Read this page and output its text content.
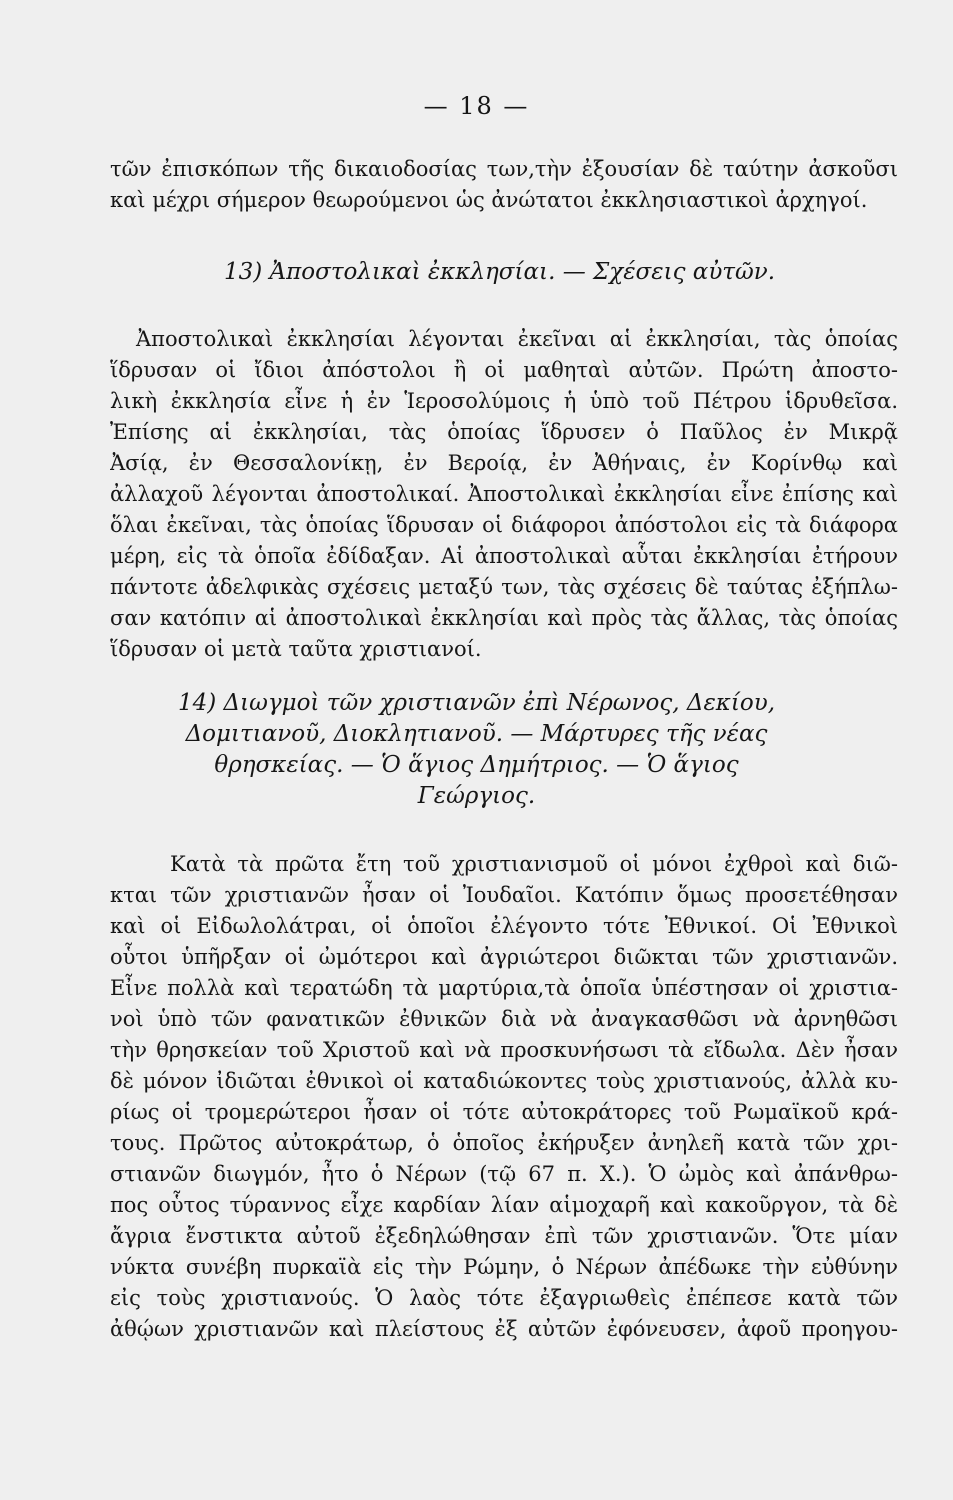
— 18 —
τῶν ἐπισκόπων τῆς δικαιοδοσίας των,τὴν ἐξουσίαν δὲ ταύτην ἀσκοῦσι
καὶ μέχρι σήμερον θεωρούμενοι ὡς ἀνώτατοι ἐκκλησιαστικοὶ ἀρχηγοί.
13) Ἀποστολικαὶ ἐκκλησίαι. — Σχέσεις αὐτῶν.
Ἀποστολικαὶ ἐκκλησίαι λέγονται ἐκεῖναι αἱ ἐκκλησίαι, τὰς ὁποίας
ἵδρυσαν οἱ ἴδιοι ἀπόστολοι ἢ οἱ μαθηταὶ αὐτῶν. Πρώτη ἀποστο-
λικὴ ἐκκλησία εἶνε ἡ ἐν Ἱεροσολύμοις ἡ ὑπὸ τοῦ Πέτρου ἱδρυθεῖσα.
Ἐπίσης αἱ ἐκκλησίαι, τὰς ὁποίας ἵδρυσεν ὁ Παῦλος ἐν Μικρᾷ
Ἀσίᾳ, ἐν Θεσσαλονίκῃ, ἐν Βεροίᾳ, ἐν Ἀθήναις, ἐν Κορίνθῳ καὶ
ἀλλαχοῦ λέγονται ἀποστολικαί. Ἀποστολικαὶ ἐκκλησίαι εἶνε ἐπίσης καὶ
ὅλαι ἐκεῖναι, τὰς ὁποίας ἵδρυσαν οἱ διάφοροι ἀπόστολοι εἰς τὰ διάφορα
μέρη, εἰς τὰ ὁποῖα ἐδίδαξαν. Αἱ ἀποστολικαὶ αὗται ἐκκλησίαι ἐτήρουν
πάντοτε ἀδελφικὰς σχέσεις μεταξύ των, τὰς σχέσεις δὲ ταύτας ἐξήπλω-
σαν κατόπιν αἱ ἀποστολικαὶ ἐκκλησίαι καὶ πρὸς τὰς ἄλλας, τὰς ὁποίας
ἵδρυσαν οἱ μετὰ ταῦτα χριστιανοί.
14) Διωγμοὶ τῶν χριστιανῶν ἐπὶ Νέρωνος, Δεκίου,
Δομιτιανοῦ, Διοκλητιανοῦ. — Μάρτυρες τῆς νέας
θρησκείας. — Ὁ ἅγιος Δημήτριος. — Ὁ ἅγιος
Γεώργιος.
Κατὰ τὰ πρῶτα ἔτη τοῦ χριστιανισμοῦ οἱ μόνοι ἐχθροὶ καὶ διῶ-
κται τῶν χριστιανῶν ἦσαν οἱ Ἰουδαῖοι. Κατόπιν ὅμως προσετέθησαν
καὶ οἱ Εἰδωλολάτραι, οἱ ὁποῖοι ἐλέγοντο τότε Ἐθνικοί. Οἱ Ἐθνικοὶ
οὗτοι ὑπῆρξαν οἱ ὠμότεροι καὶ ἀγριώτεροι διῶκται τῶν χριστιανῶν.
Εἶνε πολλὰ καὶ τερατώδη τὰ μαρτύρια,τὰ ὁποῖα ὑπέστησαν οἱ χριστια-
νοὶ ὑπὸ τῶν φανατικῶν ἐθνικῶν διὰ νὰ ἀναγκασθῶσι νὰ ἀρνηθῶσι
τὴν θρησκείαν τοῦ Χριστοῦ καὶ νὰ προσκυνήσωσι τὰ εἴδωλα. Δὲν ἦσαν
δὲ μόνον ἰδιῶται ἐθνικοὶ οἱ καταδιώκοντες τοὺς χριστιανούς, ἀλλὰ κυ-
ρίως οἱ τρομερώτεροι ἦσαν οἱ τότε αὐτοκράτορες τοῦ Ρωμαϊκοῦ κρά-
τους. Πρῶτος αὐτοκράτωρ, ὁ ὁποῖος ἐκήρυξεν ἀνηλεῆ κατὰ τῶν χρι-
στιανῶν διωγμόν, ἦτο ὁ Νέρων (τῷ 67 π. Χ.). Ὁ ὠμὸς καὶ ἀπάνθρω-
πος οὗτος τύραννος εἶχε καρδίαν λίαν αἱμοχαρῆ καὶ κακοῦργον, τὰ δὲ
ἄγρια ἔνστικτα αὐτοῦ ἐξεδηλώθησαν ἐπὶ τῶν χριστιανῶν. Ὅτε μίαν
νύκτα συνέβη πυρκαϊὰ εἰς τὴν Ρώμην, ὁ Νέρων ἀπέδωκε τὴν εὐθύνην
εἰς τοὺς χριστιανούς. Ὁ λαὸς τότε ἐξαγριωθεὶς ἐπέπεσε κατὰ τῶν
ἀθῴων χριστιανῶν καὶ πλείστους ἐξ αὐτῶν ἐφόνευσεν, ἀφοῦ προηγου-
